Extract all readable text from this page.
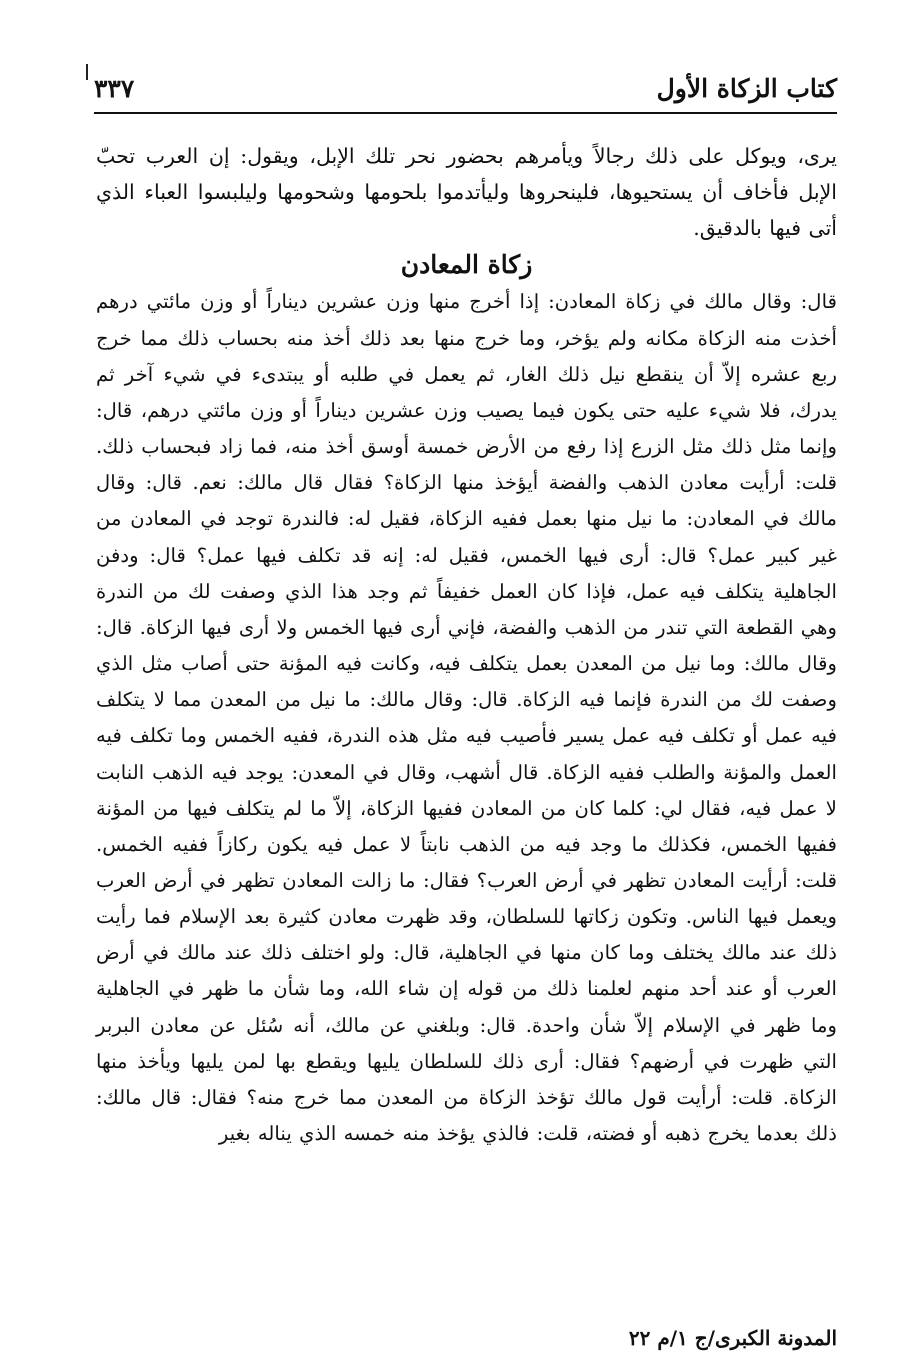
كتاب الزكاة الأول
٣٣٧

يرى، ويوكل على ذلك رجالاً ويأمرهم بحضور نحر تلك الإبل، ويقول: إن العرب تحبّ الإبل فأخاف أن يستحيوها، فلينحروها وليأتدموا بلحومها وشحومها وليلبسوا العباء الذي أتى فيها بالدقيق.

زكاة المعادن

قال: وقال مالك في زكاة المعادن: إذا أخرج منها وزن عشرين ديناراً أو وزن مائتي درهم أخذت منه الزكاة مكانه ولم يؤخر، وما خرج منها بعد ذلك أخذ منه بحساب ذلك مما خرج ربع عشره إلاّ أن ينقطع نيل ذلك الغار، ثم يعمل في طلبه أو يبتدىء في شيء آخر ثم يدرك، فلا شيء عليه حتى يكون فيما يصيب وزن عشرين ديناراً أو وزن مائتي درهم، قال: وإنما مثل ذلك مثل الزرع إذا رفع من الأرض خمسة أوسق أخذ منه، فما زاد فبحساب ذلك. قلت: أرأيت معادن الذهب والفضة أيؤخذ منها الزكاة؟ فقال قال مالك: نعم. قال: وقال مالك في المعادن: ما نيل منها بعمل ففيه الزكاة، فقيل له: فالندرة توجد في المعادن من غير كبير عمل؟ قال: أرى فيها الخمس، فقيل له: إنه قد تكلف فيها عمل؟ قال: ودفن الجاهلية يتكلف فيه عمل، فإذا كان العمل خفيفاً ثم وجد هذا الذي وصفت لك من الندرة وهي القطعة التي تندر من الذهب والفضة، فإني أرى فيها الخمس ولا أرى فيها الزكاة. قال: وقال مالك: وما نيل من المعدن بعمل يتكلف فيه، وكانت فيه المؤنة حتى أصاب مثل الذي وصفت لك من الندرة فإنما فيه الزكاة. قال: وقال مالك: ما نيل من المعدن مما لا يتكلف فيه عمل أو تكلف فيه عمل يسير فأصيب فيه مثل هذه الندرة، ففيه الخمس وما تكلف فيه العمل والمؤنة والطلب ففيه الزكاة. قال أشهب، وقال في المعدن: يوجد فيه الذهب النابت لا عمل فيه، فقال لي: كلما كان من المعادن ففيها الزكاة، إلاّ ما لم يتكلف فيها من المؤنة ففيها الخمس، فكذلك ما وجد فيه من الذهب نابتاً لا عمل فيه يكون ركازاً ففيه الخمس. قلت: أرأيت المعادن تظهر في أرض العرب؟ فقال: ما زالت المعادن تظهر في أرض العرب ويعمل فيها الناس. وتكون زكاتها للسلطان، وقد ظهرت معادن كثيرة بعد الإسلام فما رأيت ذلك عند مالك يختلف وما كان منها في الجاهلية، قال: ولو اختلف ذلك عند مالك في أرض العرب أو عند أحد منهم لعلمنا ذلك من قوله إن شاء الله، وما شأن ما ظهر في الجاهلية وما ظهر في الإسلام إلاّ شأن واحدة. قال: وبلغني عن مالك، أنه سُئل عن معادن البربر التي ظهرت في أرضهم؟ فقال: أرى ذلك للسلطان يليها ويقطع بها لمن يليها ويأخذ منها الزكاة. قلت: أرأيت قول مالك تؤخذ الزكاة من المعدن مما خرج منه؟ فقال: قال مالك: ذلك بعدما يخرج ذهبه أو فضته، قلت: فالذي يؤخذ منه خمسه الذي يناله بغير

المدونة الكبرى/ج ١/م ٢٢
